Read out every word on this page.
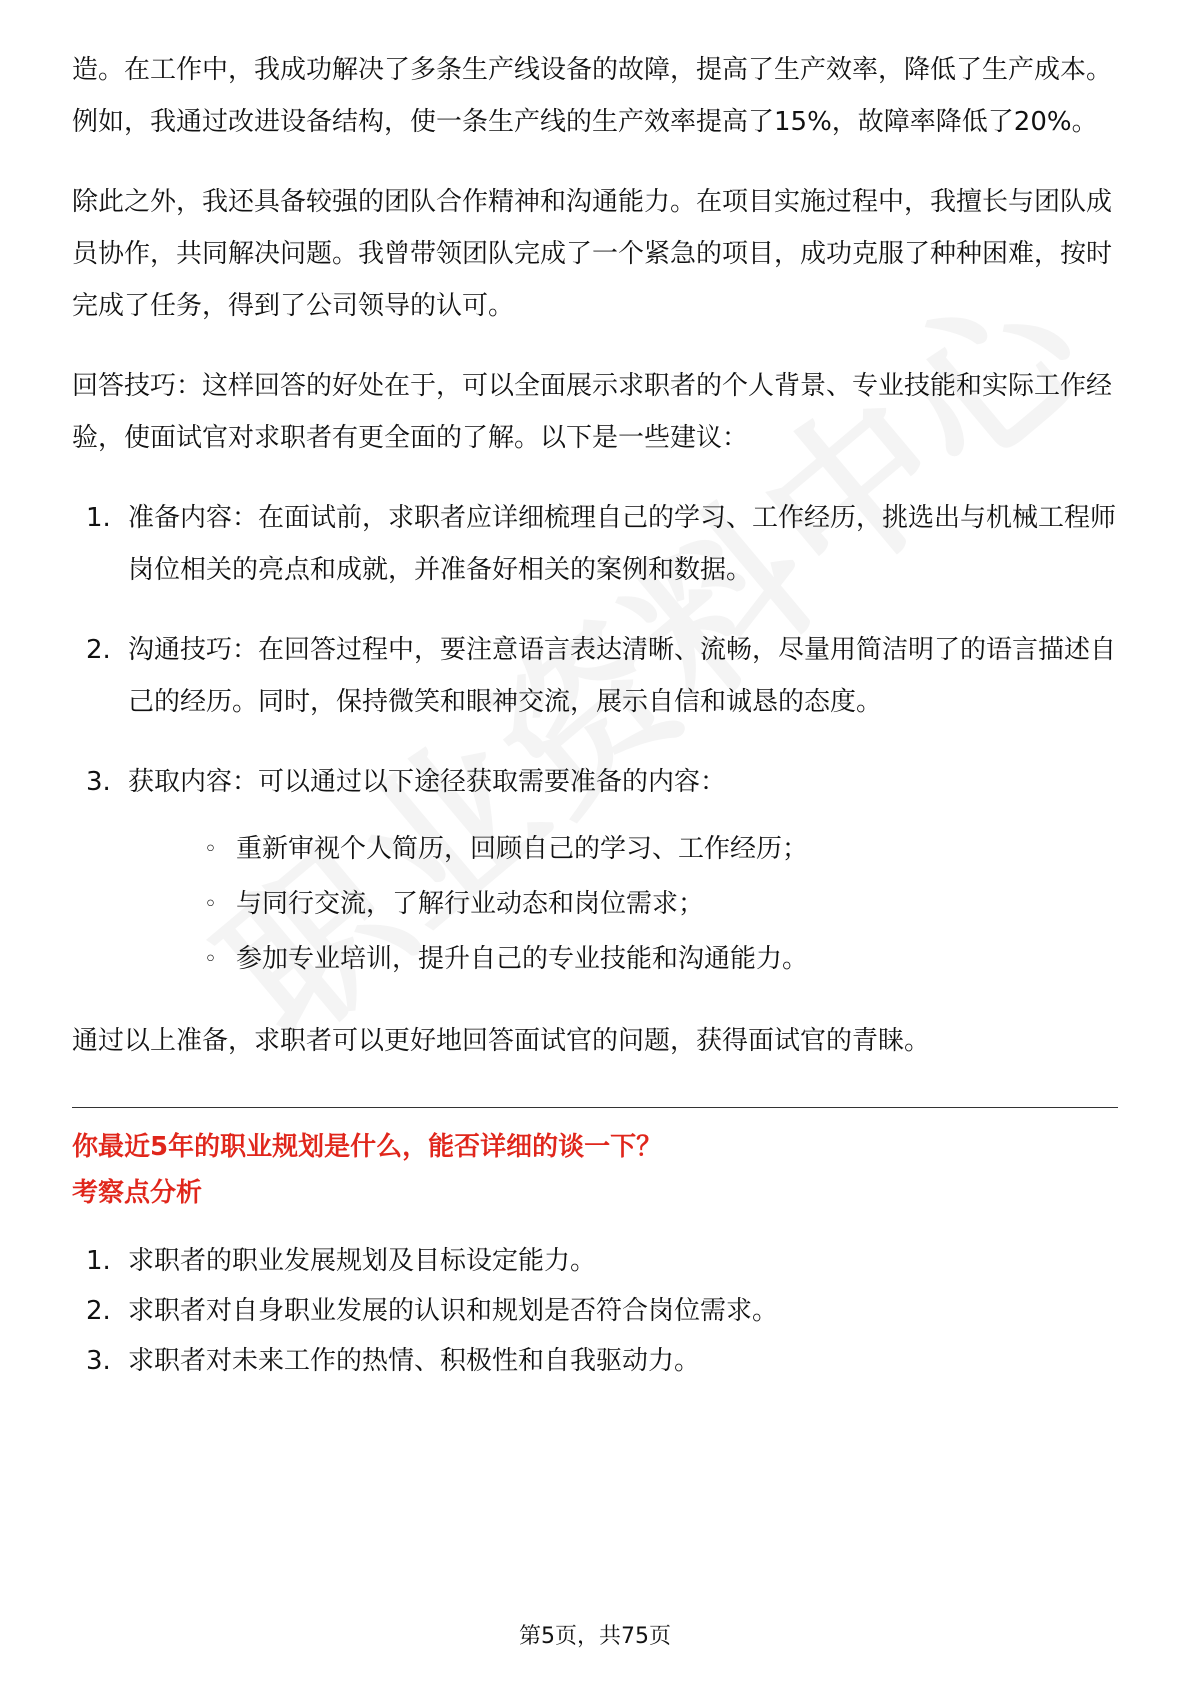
造。在工作中，我成功解决了多条生产线设备的故障，提高了生产效率，降低了生产成本。例如，我通过改进设备结构，使一条生产线的生产效率提高了15%，故障率降低了20%。

除此之外，我还具备较强的团队合作精神和沟通能力。在项目实施过程中，我擅长与团队成员协作，共同解决问题。我曾带领团队完成了一个紧急的项目，成功克服了种种困难，按时完成了任务，得到了公司领导的认可。

回答技巧：这样回答的好处在于，可以全面展示求职者的个人背景、专业技能和实际工作经验，使面试官对求职者有更全面的了解。以下是一些建议：

1. 准备内容：在面试前，求职者应详细梳理自己的学习、工作经历，挑选出与机械工程师岗位相关的亮点和成就，并准备好相关的案例和数据。
2. 沟通技巧：在回答过程中，要注意语言表达清晰、流畅，尽量用简洁明了的语言描述自己的经历。同时，保持微笑和眼神交流，展示自信和诚恳的态度。
3. 获取内容：可以通过以下途径获取需要准备的内容：
◦ 重新审视个人简历，回顾自己的学习、工作经历；
◦ 与同行交流，了解行业动态和岗位需求；
◦ 参加专业培训，提升自己的专业技能和沟通能力。

通过以上准备，求职者可以更好地回答面试官的问题，获得面试官的青睐。

你最近5年的职业规划是什么，能否详细的谈一下？

考察点分析

1. 求职者的职业发展规划及目标设定能力。
2. 求职者对自身职业发展的认识和规划是否符合岗位需求。
3. 求职者对未来工作的热情、积极性和自我驱动力。
第5页，共75页
